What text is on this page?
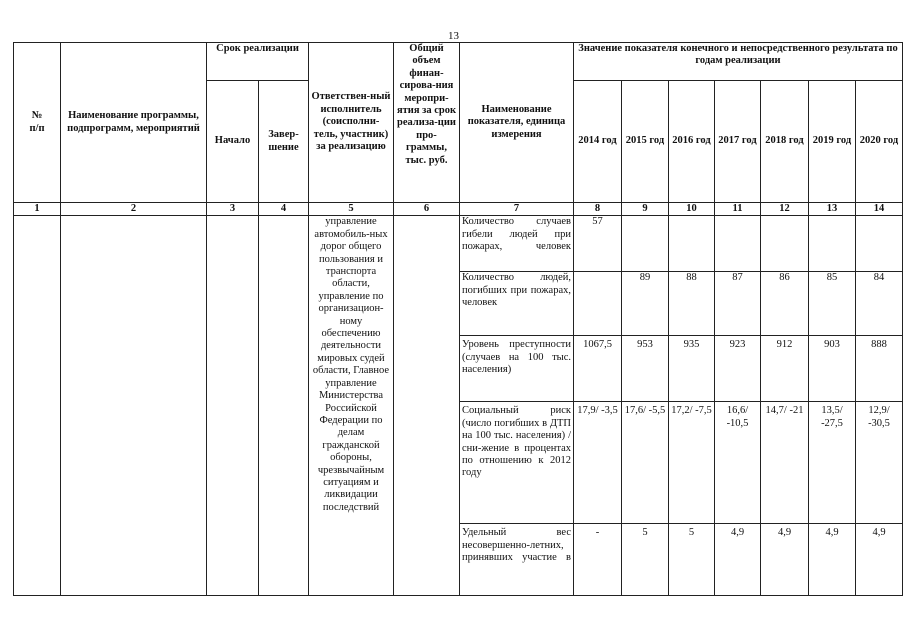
13
№
п/п	Наименование программы, подпрограмм, мероприятий	Срок реализации		Ответствен-ный исполнитель (соисполни-тель, участник) за реализацию	Общий объем финан-сирова-ния меропри-ятия за срок реализа-ции про-граммы, тыс. руб.	Наименование показателя, единица измерения	Значение показателя конечного и непосредственного результата по годам реализации						
		Начало	Завер-шение				2014 год	2015 год	2016 год	2017 год	2018 год	2019 год	2020 год
1	2	3	4	5	6	7	8	9	10	11	12	13	14
				управление автомобиль-ных дорог общего пользования и транспорта области, управление по организацион-ному обеспечению деятельности мировых судей области, Главное управление Министерства Российской Федерации по делам гражданской обороны, чрезвычайным ситуациям и ликвидации последствий		Количество случаев гибели людей при пожарах, человек	57						
						Количество людей, погибших при пожарах, человек		89	88	87	86	85	84
						Уровень преступности (случаев на 100 тыс. населения)	1067,5	953	935	923	912	903	888
						Социальный риск (число погибших в ДТП на 100 тыс. населения) / сни-жение в процентах по отношению к 2012 году	17,9/ -3,5	17,6/ -5,5	17,2/ -7,5	16,6/ -10,5	14,7/ -21	13,5/ -27,5	12,9/ -30,5
						Удельный вес несовершенно-летних, принявших участие в	-	5	5	4,9	4,9	4,9	4,9
